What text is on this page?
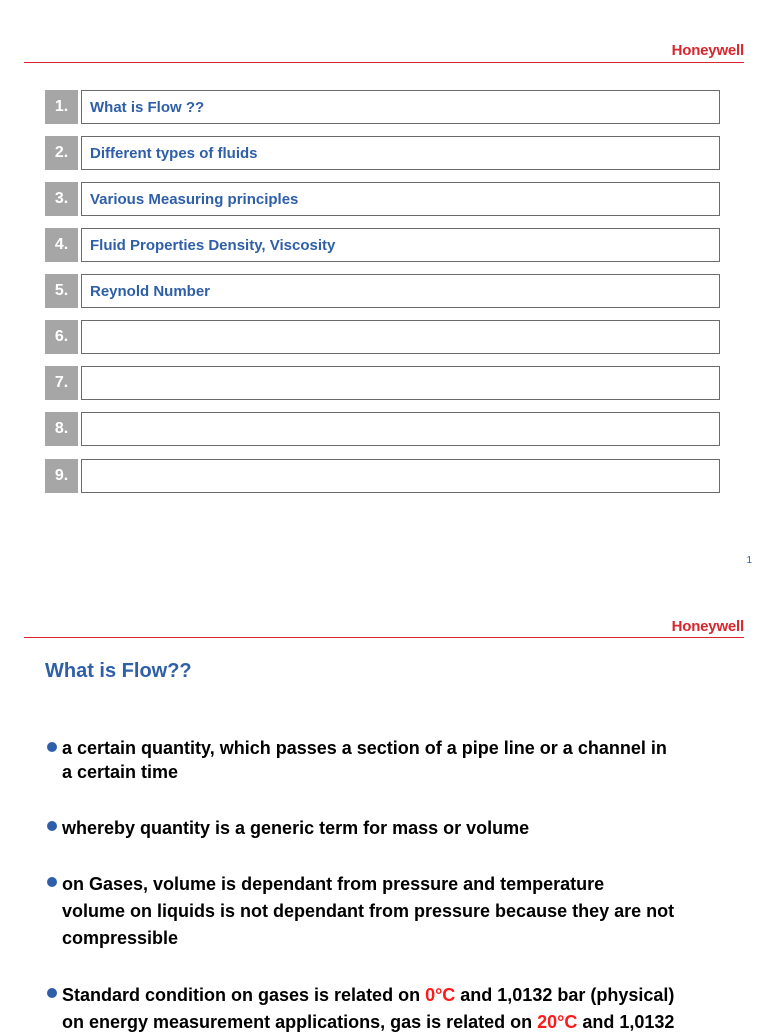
Honeywell
1.	What is Flow ??
2.	Different types of fluids
3.	Various Measuring principles
4.	Fluid Properties Density, Viscosity
5.	Reynold Number
6.
7.
8.
9.
1
Honeywell
What is Flow??
a certain quantity, which passes a section of a pipe line or a channel in
a certain time
whereby quantity is a generic term for mass or volume
on Gases, volume is dependant from pressure and temperature
volume on liquids is not dependant from pressure because they are not
compressible
Standard condition on gases is related on 0°C and 1,0132 bar (physical)
on energy measurement applications, gas is related on 20°C and 1,0132
